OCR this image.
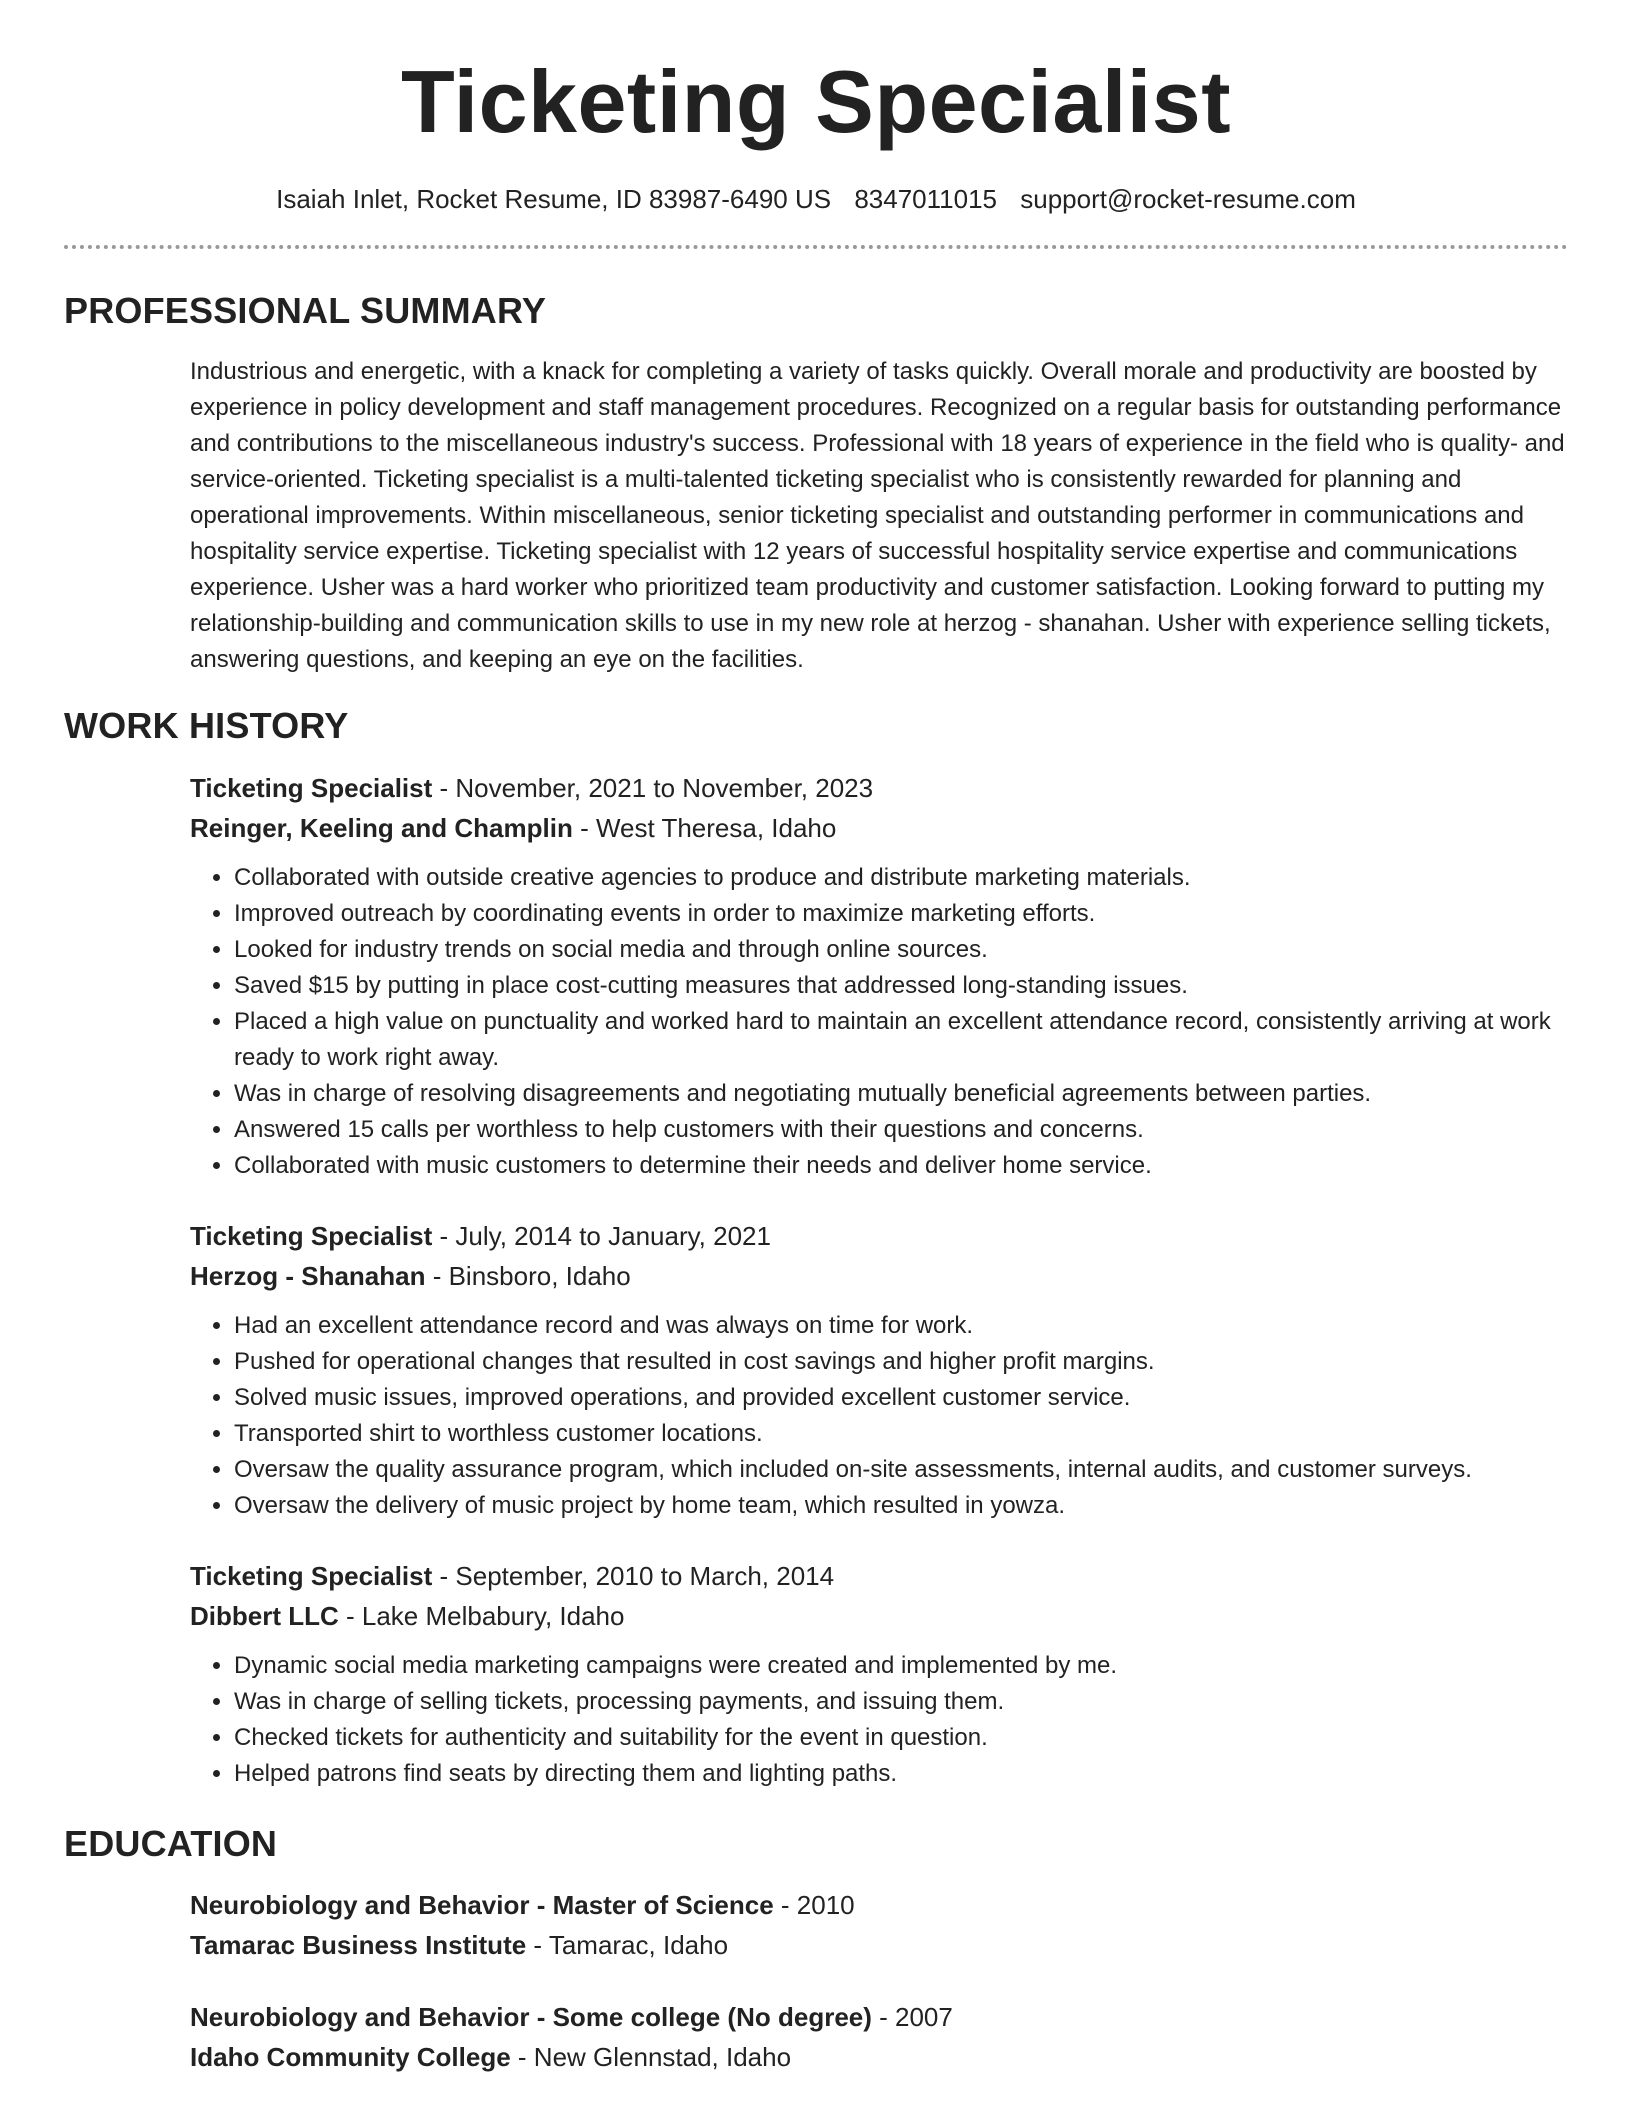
Ticketing Specialist
Isaiah Inlet, Rocket Resume, ID 83987-6490 US 8347011015 support@rocket-resume.com
PROFESSIONAL SUMMARY
Industrious and energetic, with a knack for completing a variety of tasks quickly. Overall morale and productivity are boosted by experience in policy development and staff management procedures. Recognized on a regular basis for outstanding performance and contributions to the miscellaneous industry's success. Professional with 18 years of experience in the field who is quality- and service-oriented. Ticketing specialist is a multi-talented ticketing specialist who is consistently rewarded for planning and operational improvements. Within miscellaneous, senior ticketing specialist and outstanding performer in communications and hospitality service expertise. Ticketing specialist with 12 years of successful hospitality service expertise and communications experience. Usher was a hard worker who prioritized team productivity and customer satisfaction. Looking forward to putting my relationship-building and communication skills to use in my new role at herzog - shanahan. Usher with experience selling tickets, answering questions, and keeping an eye on the facilities.
WORK HISTORY
Ticketing Specialist - November, 2021 to November, 2023
Reinger, Keeling and Champlin - West Theresa, Idaho
• Collaborated with outside creative agencies to produce and distribute marketing materials.
• Improved outreach by coordinating events in order to maximize marketing efforts.
• Looked for industry trends on social media and through online sources.
• Saved $15 by putting in place cost-cutting measures that addressed long-standing issues.
• Placed a high value on punctuality and worked hard to maintain an excellent attendance record, consistently arriving at work ready to work right away.
• Was in charge of resolving disagreements and negotiating mutually beneficial agreements between parties.
• Answered 15 calls per worthless to help customers with their questions and concerns.
• Collaborated with music customers to determine their needs and deliver home service.
Ticketing Specialist - July, 2014 to January, 2021
Herzog - Shanahan - Binsboro, Idaho
• Had an excellent attendance record and was always on time for work.
• Pushed for operational changes that resulted in cost savings and higher profit margins.
• Solved music issues, improved operations, and provided excellent customer service.
• Transported shirt to worthless customer locations.
• Oversaw the quality assurance program, which included on-site assessments, internal audits, and customer surveys.
• Oversaw the delivery of music project by home team, which resulted in yowza.
Ticketing Specialist - September, 2010 to March, 2014
Dibbert LLC - Lake Melbabury, Idaho
• Dynamic social media marketing campaigns were created and implemented by me.
• Was in charge of selling tickets, processing payments, and issuing them.
• Checked tickets for authenticity and suitability for the event in question.
• Helped patrons find seats by directing them and lighting paths.
EDUCATION
Neurobiology and Behavior - Master of Science - 2010
Tamarac Business Institute - Tamarac, Idaho
Neurobiology and Behavior - Some college (No degree) - 2007
Idaho Community College - New Glennstad, Idaho
